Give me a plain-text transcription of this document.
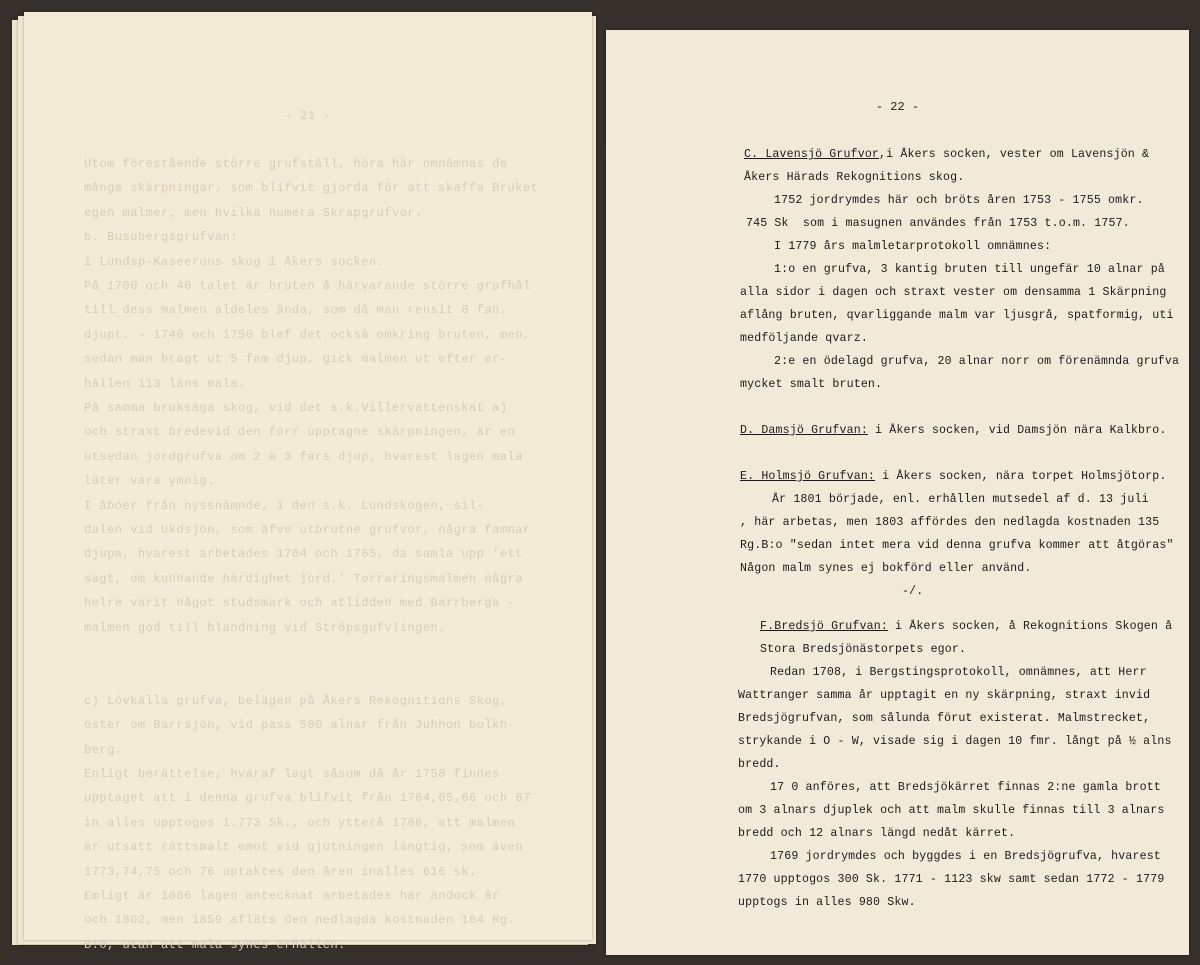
- 21 -
Utom förestående större grufställ, höra här omnämnas de
många skärpningar, som blifvit gjorda för att skaffa Bruket
egen malmer, men hvilka numera Skrapgrufvor.
b. Busubergsgrufvan:
i Lundsp-Kaseerons skog i Åkers socken.
På 1700 och 40 talet är bruten å härvarande större grufhål
till dess malmen aldeles ända, som då man rensit 8 fan.
djupt. - 1740 och 1750 blef det också omkring bruten, men,
sedan man bragt ut 5 fam djup, gick malmen ut efter er-
hållen 113 läns mala.
På samma bruksäga skog, vid det s.k.Villervattenskat a)
och straxt bredevid den förr upptagne skärpningen, är en
utsedan jordgrufva om 2 a 3 fars djup, hvarest lagen mala
läter vara ymnig.
I åboer från nyssnämnde, i den s.k. Lundskogen, sil-
dalen vid Ukdsjön, som äfve utbrutne grufvor, några famnar
djupa, hvarest arbetades 1764 och 1765, da samla upp 'ett
sagt, om kunnande härdighet jord.' Torraringsmalmen några
helre varit något studsmark och atlidden med Barrberga -
malmen god till blandning vid Ströpsgufvlingen.
c) Lövkälla grufva, belägen på Åkers Rekognitions Skog,
öster om Barrsjön, vid pass 500 alnar från Juhhon bolkh-
berg.
Enligt berättelse, hvaraf lagt såsom då år 1758 finnes
upptaget att i denna grufva blifvit från 1764,65,66 och 67
in alles upptogos 1.773 Sk., och ytterå 1768, att malmen
är utsatt rättsmalt emot vid gjutningen längtig, som även
1773,74,75 och 76 uptaktes den åren inalles 616 sk.
Emligt är 1086 lagen antecknat arbetades här ändock år
och 1802, men 1859 afläts den nedlagda kostnaden 164 Rg.
B:o, utan att mala synes erhållen.
- 22 -
C. Lavensjö Grufvor,i Åkers socken, vester om Lavensjön &
Åkers Härads Rekognitions skog.
1752 jordrymdes här och bröts åren 1753 - 1755 omkr.
745 Sk  som i masugnen användes från 1753 t.o.m. 1757.
I 1779 års malmletarprotokoll omnämnes:
1:o en grufva, 3 kantig bruten till ungefär 10 alnar på
alla sidor i dagen och straxt vester om densamma 1 Skärpning
aflång bruten, qvarliggande malm var ljusgrå, spatformig, uti
medföljande qvarz.
2:e en ödelagd grufva, 20 alnar norr om förenämnda grufva
mycket smalt bruten.
D. Damsjö Grufvan: i Åkers socken, vid Damsjön nära Kalkbro.
E. Holmsjö Grufvan: i Åkers socken, nära torpet Holmsjötorp.
År 1801 började, enl. erhållen mutsedel af d. 13 juli
, här arbetas, men 1803 affördes den nedlagda kostnaden 135
Rg.B:o "sedan intet mera vid denna grufva kommer att åtgöras"
Någon malm synes ej bokförd eller använd.
-/.
F.Bredsjö Grufvan: i Åkers socken, å Rekognitions Skogen å
Stora Bredsjönästorpets egor.
Redan 1708, i Bergstingsprotokoll, omnämnes, att Herr
Wattranger samma år upptagit en ny skärpning, straxt invid
Bredsjögrufvan, som sålunda förut existerat. Malmstrecket,
strykande i O - W, visade sig i dagen 10 fmr. långt på ½ alns
bredd.
17 0 anföres, att Bredsjökärret finnas 2:ne gamla brott
om 3 alnars djuplek och att malm skulle finnas till 3 alnars
bredd och 12 alnars längd nedåt kärret.
1769 jordrymdes och byggdes i en Bredsjögrufva, hvarest
1770 upptogos 300 Sk. 1771 - 1123 skw samt sedan 1772 - 1779
upptogs in alles 980 Skw.
